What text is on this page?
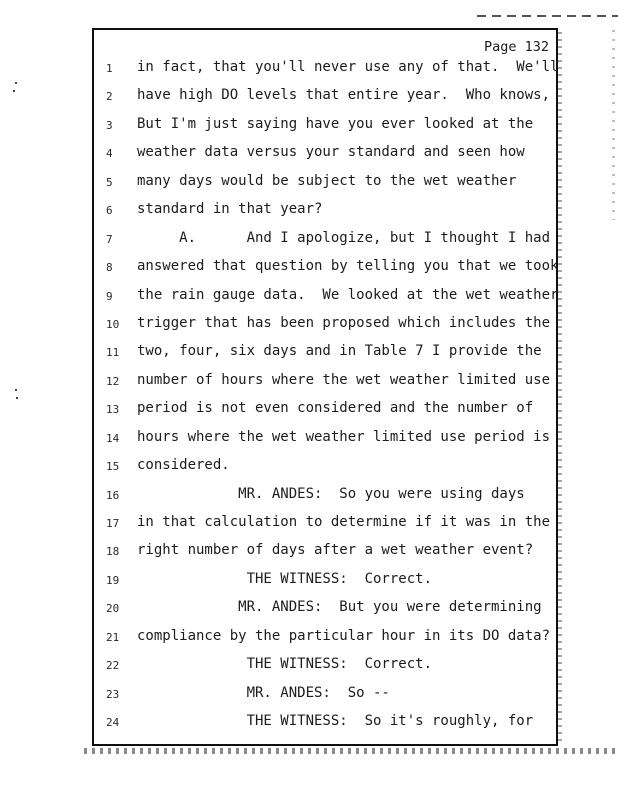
Page 132
1 in fact, that you'll never use any of that.  We'll
2 have high DO levels that entire year.  Who knows,
3 But I'm just saying have you ever looked at the
4 weather data versus your standard and seen how
5 many days would be subject to the wet weather
6 standard in that year?
7 A.      And I apologize, but I thought I had
8 answered that question by telling you that we took
9 the rain gauge data.  We looked at the wet weather
10 trigger that has been proposed which includes the
11 two, four, six days and in Table 7 I provide the
12 number of hours where the wet weather limited use
13 period is not even considered and the number of
14 hours where the wet weather limited use period is
15 considered.
16 MR. ANDES:  So you were using days
17 in that calculation to determine if it was in the
18 right number of days after a wet weather event?
19 THE WITNESS:  Correct.
20 MR. ANDES:  But you were determining
21 compliance by the particular hour in its DO data?
22 THE WITNESS:  Correct.
23 MR. ANDES:  So --
24 THE WITNESS:  So it's roughly, for
